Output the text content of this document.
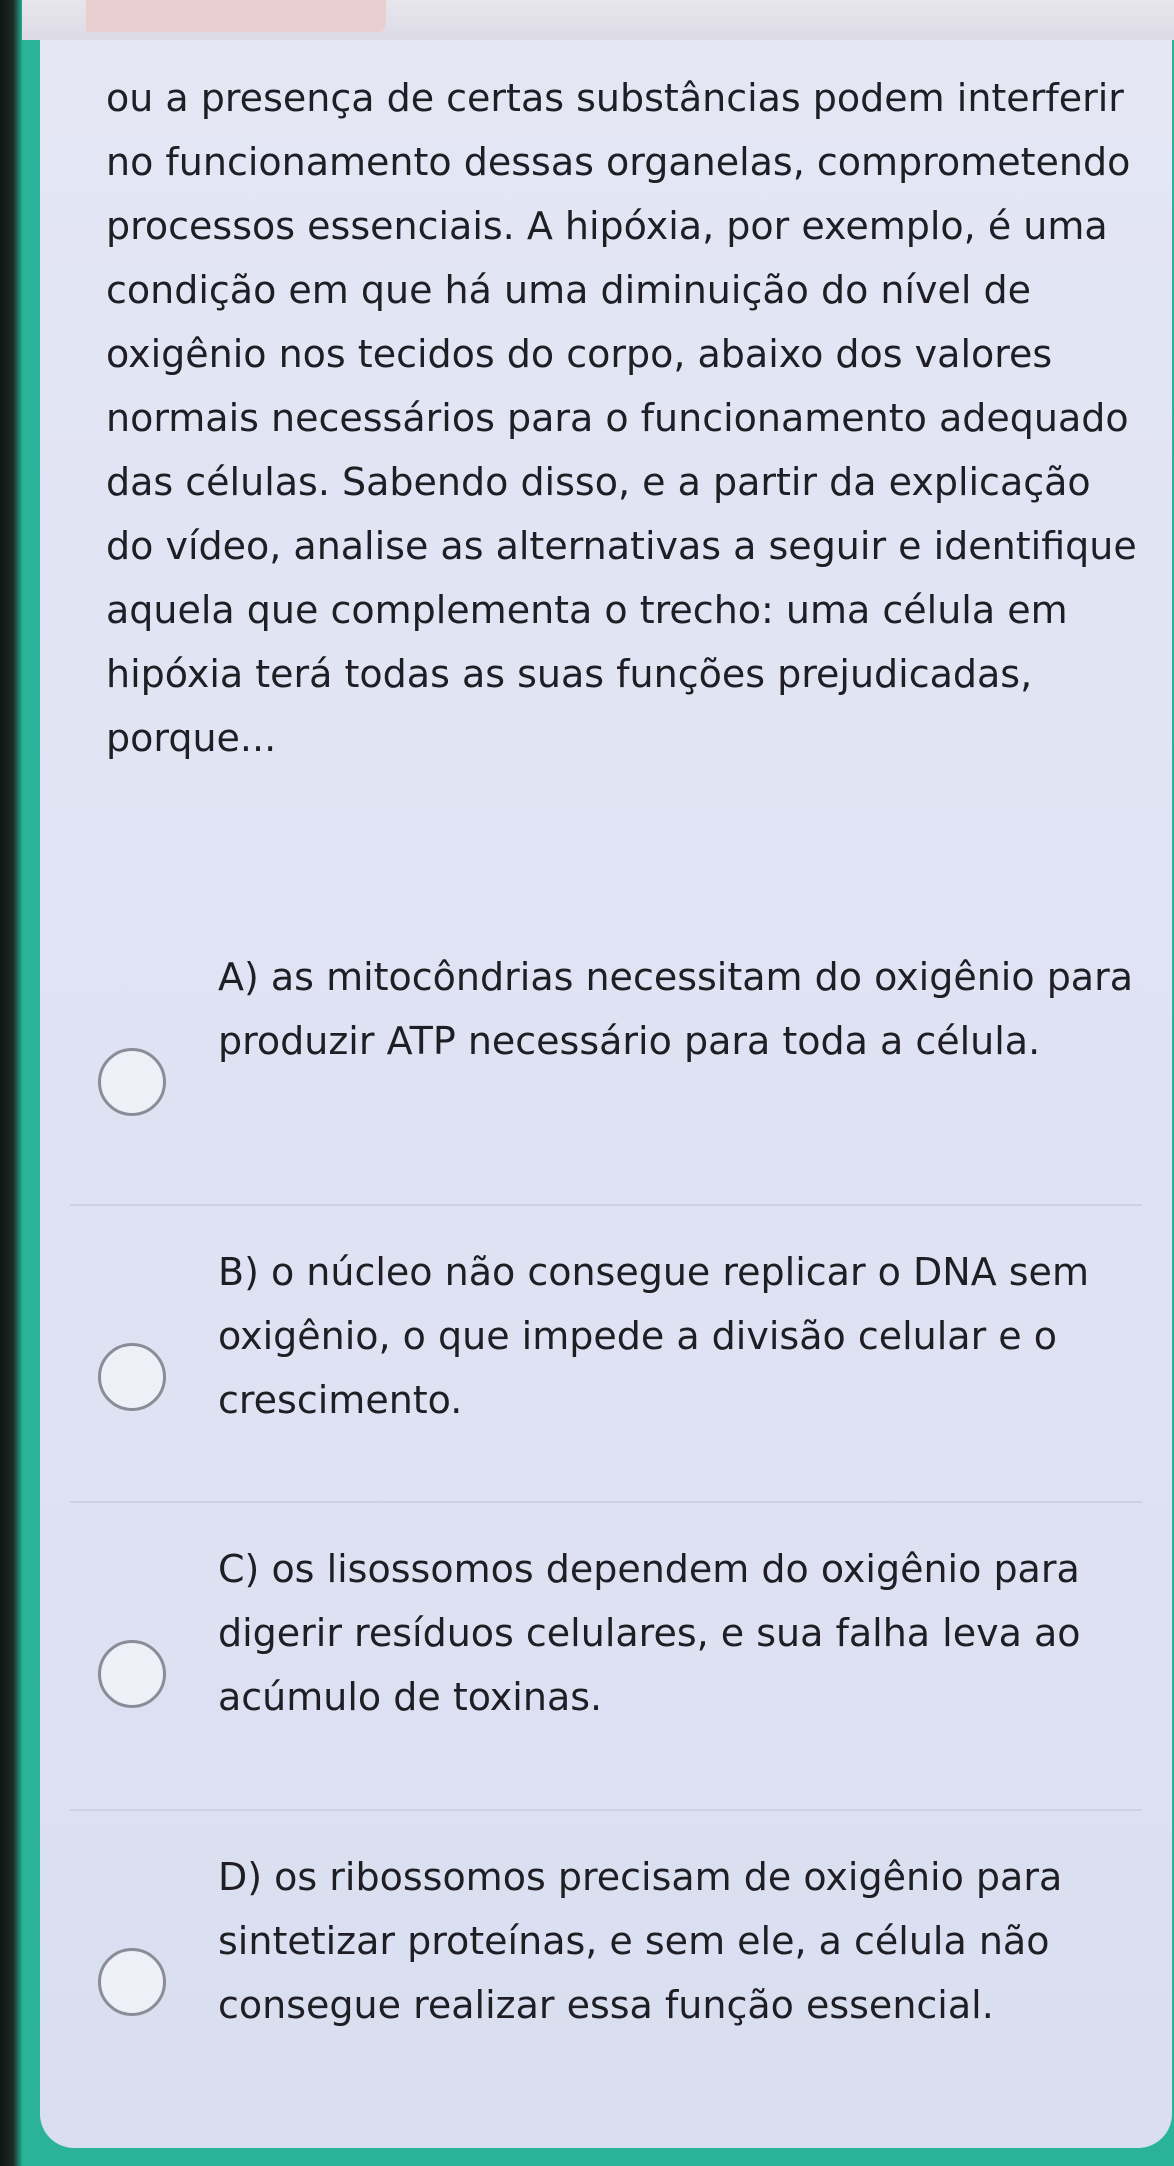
ou a presença de certas substâncias podem interferir no funcionamento dessas organelas, comprometendo processos essenciais. A hipóxia, por exemplo, é uma condição em que há uma diminuição do nível de oxigênio nos tecidos do corpo, abaixo dos valores normais necessários para o funcionamento adequado das células. Sabendo disso, e a partir da explicação do vídeo, analise as alternativas a seguir e identifique aquela que complementa o trecho: uma célula em hipóxia terá todas as suas funções prejudicadas, porque...

A) as mitocôndrias necessitam do oxigênio para produzir ATP necessário para toda a célula.

B) o núcleo não consegue replicar o DNA sem oxigênio, o que impede a divisão celular e o crescimento.

C) os lisossomos dependem do oxigênio para digerir resíduos celulares, e sua falha leva ao acúmulo de toxinas.

D) os ribossomos precisam de oxigênio para sintetizar proteínas, e sem ele, a célula não consegue realizar essa função essencial.
